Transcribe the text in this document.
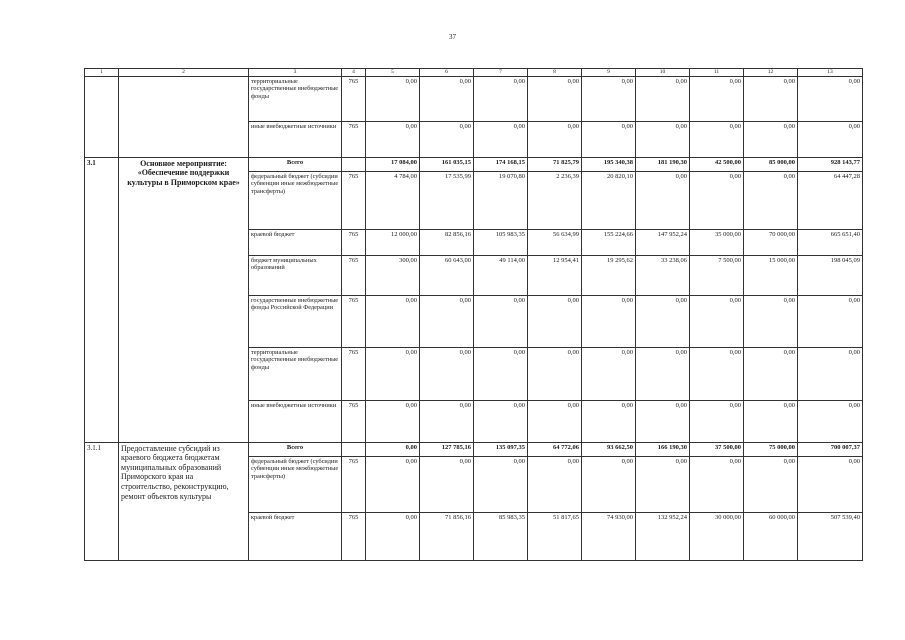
37
1	2	3	4	5	6	7	8	9	10	11	12	13
		территориальные государственные внебюджетные фонды	765	0,00	0,00	0,00	0,00	0,00	0,00	0,00	0,00	0,00
		иные внебюджетные источники	765	0,00	0,00	0,00	0,00	0,00	0,00	0,00	0,00	0,00
3.1	Основное мероприятие: «Обеспечение поддержки культуры в Приморском крае»	Всего		17 084,00	161 035,15	174 168,15	71 825,79	195 340,38	181 190,30	42 500,00	85 000,00	928 143,77
		федеральный бюджет (субсидии субвенции иные межбюджетные трансферты)	765	4 784,00	17 535,99	19 070,80	2 236,39	20 820,10	0,00	0,00	0,00	64 447,28
		краевой бюджет	765	12 000,00	82 856,16	105 983,35	56 634,99	155 224,66	147 952,24	35 000,00	70 000,00	665 651,40
		бюджет муниципальных образований	765	300,00	60 643,00	49 114,00	12 954,41	19 295,62	33 238,06	7 500,00	15 000,00	198 045,09
		государственные внебюджетные фонды Российской Федерации	765	0,00	0,00	0,00	0,00	0,00	0,00	0,00	0,00	0,00
		территориальные государственные внебюджетные фонды	765	0,00	0,00	0,00	0,00	0,00	0,00	0,00	0,00	0,00
		иные внебюджетные источники	765	0,00	0,00	0,00	0,00	0,00	0,00	0,00	0,00	0,00
3.1.1	Предоставление субсидий из краевого бюджета бюджетам муниципальных образований Приморского края на строительство, реконструкцию, ремонт объектов культуры	Всего		0,00	127 785,16	135 097,35	64 772,06	93 662,50	166 190,30	37 500,00	75 000,00	700 007,37
		федеральный бюджет (субсидии субвенции иные межбюджетные трансферты)	765	0,00	0,00	0,00	0,00	0,00	0,00	0,00	0,00	0,00
		краевой бюджет	765	0,00	71 856,16	85 983,35	51 817,65	74 930,00	132 952,24	30 000,00	60 000,00	507 539,40
